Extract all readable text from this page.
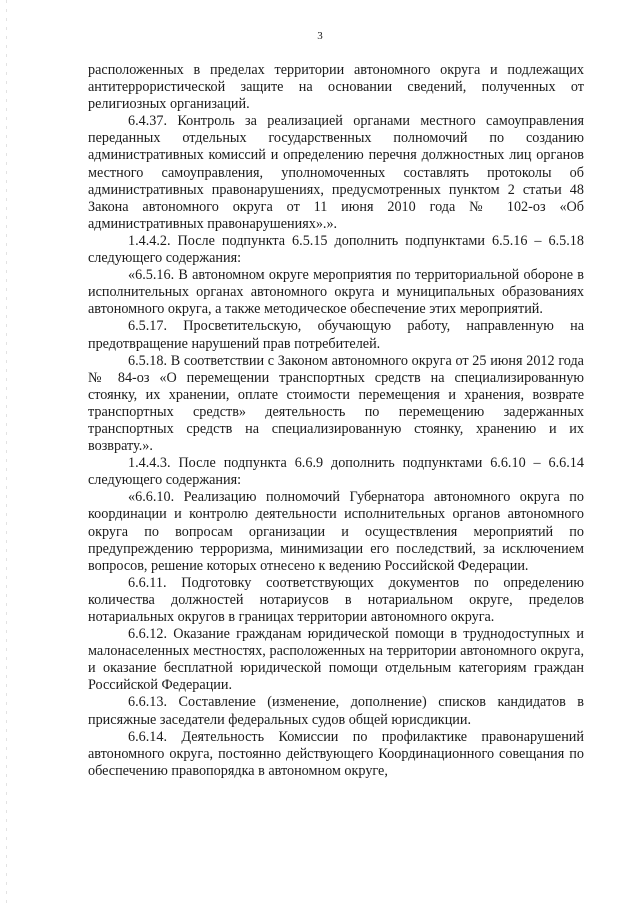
3

расположенных в пределах территории автономного округа и подлежащих антитеррористической защите на основании сведений, полученных от религиозных организаций.

6.4.37. Контроль за реализацией органами местного самоуправления переданных отдельных государственных полномочий по созданию административных комиссий и определению перечня должностных лиц органов местного самоуправления, уполномоченных составлять протоколы об административных правонарушениях, предусмотренных пунктом 2 статьи 48 Закона автономного округа от 11 июня 2010 года № 102-оз «Об административных правонарушениях».».

1.4.4.2. После подпункта 6.5.15 дополнить подпунктами 6.5.16 – 6.5.18 следующего содержания:

«6.5.16. В автономном округе мероприятия по территориальной обороне в исполнительных органах автономного округа и муниципальных образованиях автономного округа, а также методическое обеспечение этих мероприятий.

6.5.17. Просветительскую, обучающую работу, направленную на предотвращение нарушений прав потребителей.

6.5.18. В соответствии с Законом автономного округа от 25 июня 2012 года № 84-оз «О перемещении транспортных средств на специализированную стоянку, их хранении, оплате стоимости перемещения и хранения, возврате транспортных средств» деятельность по перемещению задержанных транспортных средств на специализированную стоянку, хранению и их возврату.».

1.4.4.3. После подпункта 6.6.9 дополнить подпунктами 6.6.10 – 6.6.14 следующего содержания:

«6.6.10. Реализацию полномочий Губернатора автономного округа по координации и контролю деятельности исполнительных органов автономного округа по вопросам организации и осуществления мероприятий по предупреждению терроризма, минимизации его последствий, за исключением вопросов, решение которых отнесено к ведению Российской Федерации.

6.6.11. Подготовку соответствующих документов по определению количества должностей нотариусов в нотариальном округе, пределов нотариальных округов в границах территории автономного округа.

6.6.12. Оказание гражданам юридической помощи в труднодоступных и малонаселенных местностях, расположенных на территории автономного округа, и оказание бесплатной юридической помощи отдельным категориям граждан Российской Федерации.

6.6.13. Составление (изменение, дополнение) списков кандидатов в присяжные заседатели федеральных судов общей юрисдикции.

6.6.14. Деятельность Комиссии по профилактике правонарушений автономного округа, постоянно действующего Координационного совещания по обеспечению правопорядка в автономном округе,
